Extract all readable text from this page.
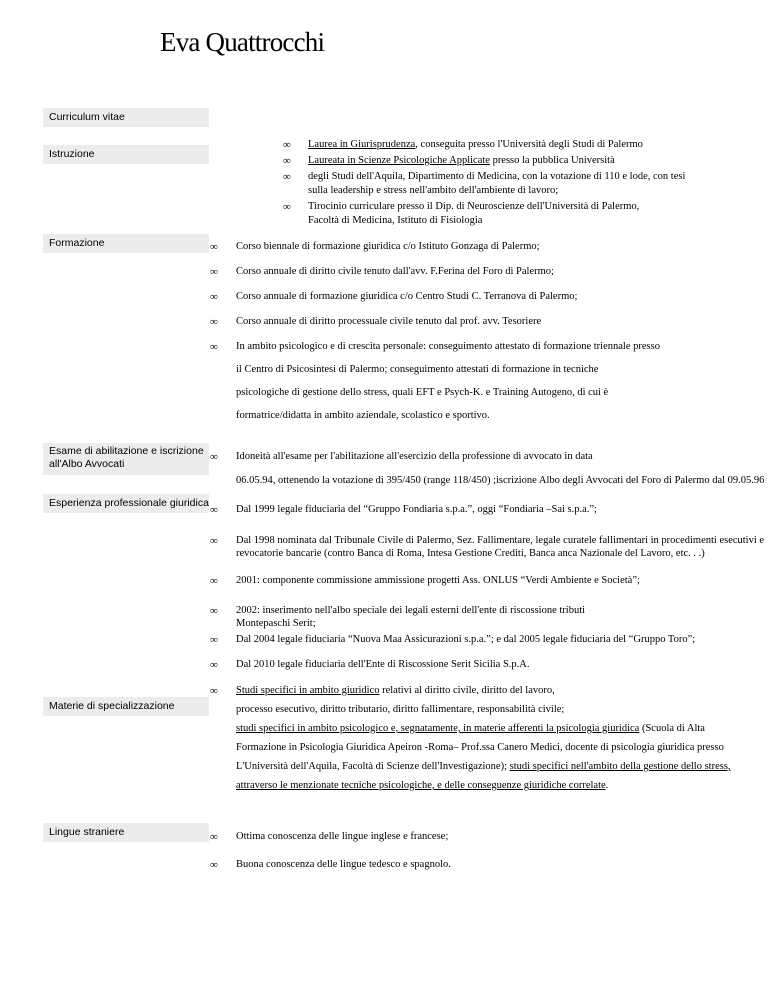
Eva Quattrocchi
Curriculum vitae
Istruzione
Formazione
Esame di abilitazione e iscrizione
all'Albo Avvocati
Esperienza professionale giuridica
Materie di specializzazione
Lingue straniere
∞ Laurea in Giurisprudenza, conseguita presso l'Università degli Studi di Palermo
∞ Laureata in Scienze Psicologiche Applicate presso la pubblica Università
∞ degli Studi dell'Aquila, Dipartimento di Medicina, con la votazione di 110 e lode, con tesi
sulla leadership e stress nell'ambito dell'ambiente di lavoro;
∞ Tirocinio curriculare presso il Dip. di Neuroscienze dell'Università di Palermo,
Facoltà di Medicina, Istituto di Fisiologia
∞ Corso biennale di formazione giuridica c/o Istituto Gonzaga di Palermo;
∞ Corso annuale di diritto civile tenuto dall'avv. F.Ferina del Foro di Palermo;
∞ Corso annuale di formazione giuridica c/o Centro Studi C. Terranova di Palermo;
∞ Corso annuale di diritto processuale civile tenuto dal prof. avv. Tesoriere
∞ In ambito psicologico e di crescita personale: conseguimento attestato di formazione triennale presso
il Centro di Psicosintesi di Palermo; conseguimento attestati di formazione in tecniche
psicologiche di gestione dello stress, quali EFT e Psych-K. e Training Autogeno, di cui è
formatrice/didatta in ambito aziendale, scolastico e sportivo.
∞ Idoneità all'esame per l'abilitazione all'esercizio della professione di avvocato in data
06.05.94, ottenendo la votazione di 395/450 (range 118/450) ;iscrizione Albo degli Avvocati del Foro di Palermo dal 09.05.96
∞ Dal 1999 legale fiduciaria del “Gruppo Fondiaria s.p.a.”, oggi “Fondiaria –Sai s.p.a.”;
∞ Dal 1998 nominata dal Tribunale Civile di Palermo, Sez. Fallimentare, legale curatele fallimentari in procedimenti esecutivi e
revocatorie bancarie (contro Banca di Roma, Intesa Gestione Crediti, Banca anca Nazionale del Lavoro, etc. . .)
∞ 2001: componente commissione ammissione progetti Ass. ONLUS “Verdi Ambiente e Società”;
∞ 2002: inserimento nell'albo speciale dei legali esterni dell'ente di riscossione tributi
Montepaschi Serit;
∞ Dal 2004 legale fiduciaria “Nuova Maa Assicurazioni s.p.a.”; e dal 2005 legale fiduciaria del “Gruppo Toro”;
∞ Dal 2010 legale fiduciaria dell'Ente di Riscossione Serit Sicilia S.p.A.
∞ Studi specifici in ambito giuridico relativi al diritto civile, diritto del lavoro,
processo esecutivo, diritto tributario, diritto fallimentare, responsabilità civile;
studi specifici in ambito psicologico e, segnatamente, in materie afferenti la psicologia giuridica (Scuola di Alta
Formazione in Psicologia Giuridica Apeiron -Roma– Prof.ssa Canero Medici, docente di psicologia giuridica presso
L'Università dell'Aquila, Facoltà di Scienze dell'Investigazione); studi specifici nell'ambito della gestione dello stress,
attraverso le menzionate tecniche psicologiche, e delle conseguenze giuridiche correlate.
∞ Ottima conoscenza delle lingue inglese e francese;
∞ Buona conoscenza delle lingue tedesco e spagnolo.
